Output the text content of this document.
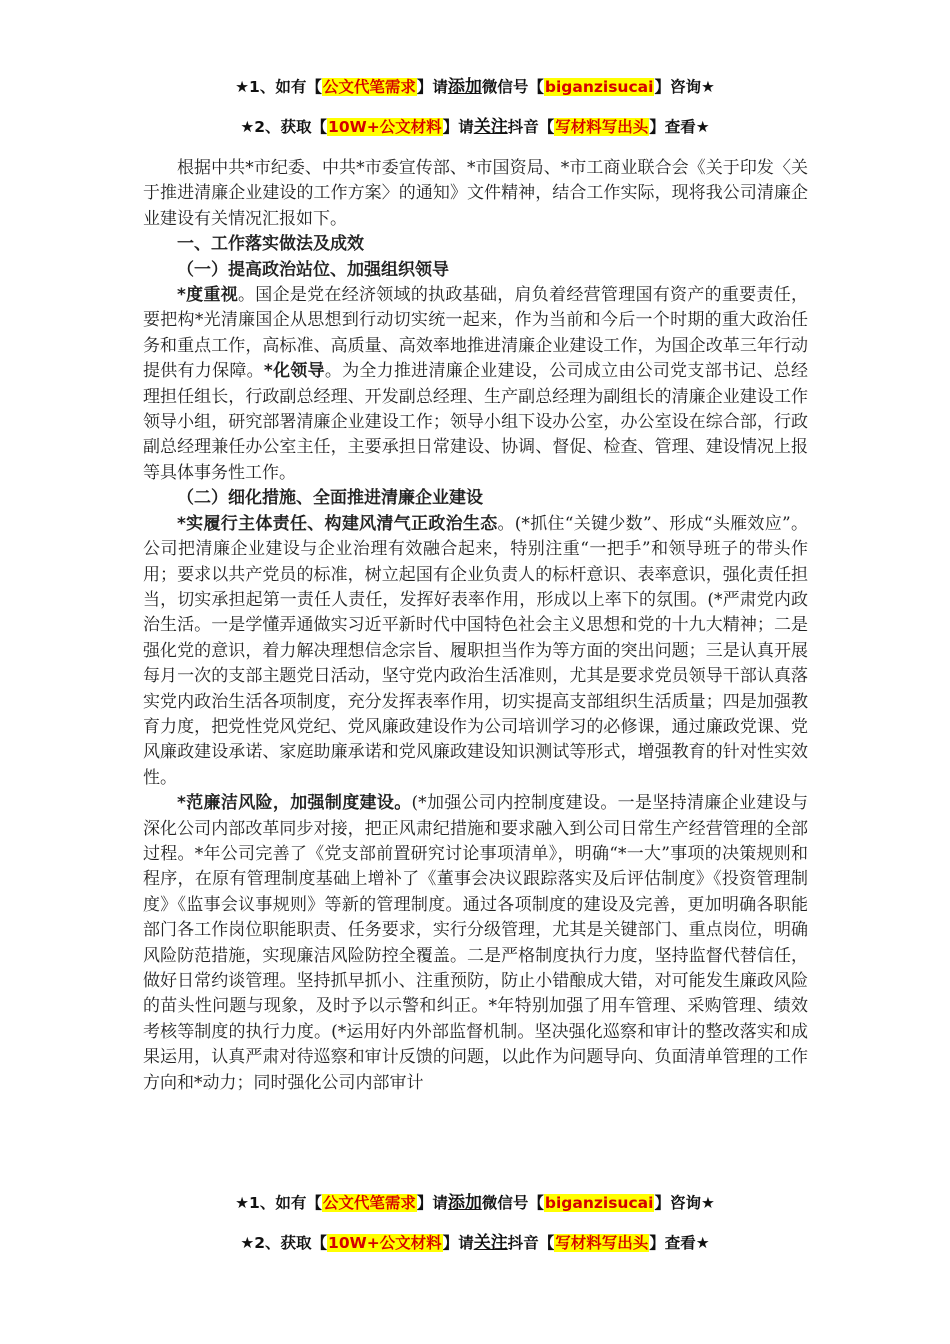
★1、如有【公文代笔需求】请添加微信号【biganzisucai】咨询★
★2、获取【10W+公文材料】请关注抖音【写材料写出头】查看★

根据中共*市纪委、中共*市委宣传部、*市国资局、*市工商业联合会《关于印发〈关于推进清廉企业建设的工作方案〉的通知》文件精神，结合工作实际，现将我公司清廉企业建设有关情况汇报如下。

一、工作落实做法及成效
（一）提高政治站位、加强组织领导

*度重视。国企是党在经济领域的执政基础，肩负着经营管理国有资产的重要责任，要把构*光清廉国企从思想到行动切实统一起来，作为当前和今后一个时期的重大政治任务和重点工作，高标准、高质量、高效率地推进清廉企业建设工作，为国企改革三年行动提供有力保障。*化领导。为全力推进清廉企业建设，公司成立由公司党支部书记、总经理担任组长，行政副总经理、开发副总经理、生产副总经理为副组长的清廉企业建设工作领导小组，研究部署清廉企业建设工作；领导小组下设办公室，办公室设在综合部，行政副总经理兼任办公室主任，主要承担日常建设、协调、督促、检查、管理、建设情况上报等具体事务性工作。

（二）细化措施、全面推进清廉企业建设

*实履行主体责任、构建风清气正政治生态。(*抓住“关键少数”、形成“头雁效应”。公司把清廉企业建设与企业治理有效融合起来，特别注重“一把手”和领导班子的带头作用；要求以共产党员的标准，树立起国有企业负责人的标杆意识、表率意识，强化责任担当，切实承担起第一责任人责任，发挥好表率作用，形成以上率下的氛围。(*严肃党内政治生活。一是学懂弄通做实习近平新时代中国特色社会主义思想和党的十九大精神；二是强化党的意识，着力解决理想信念宗旨、履职担当作为等方面的突出问题；三是认真开展每月一次的支部主题党日活动，坚守党内政治生活准则，尤其是要求党员领导干部认真落实党内政治生活各项制度，充分发挥表率作用，切实提高支部组织生活质量；四是加强教育力度，把党性党风党纪、党风廉政建设作为公司培训学习的必修课，通过廉政党课、党风廉政建设承诺、家庭助廉承诺和党风廉政建设知识测试等形式，增强教育的针对性实效性。

*范廉洁风险，加强制度建设。(*加强公司内控制度建设。一是坚持清廉企业建设与深化公司内部改革同步对接，把正风肃纪措施和要求融入到公司日常生产经营管理的全部过程。*年公司完善了《党支部前置研究讨论事项清单》，明确“*一大”事项的决策规则和程序，在原有管理制度基础上增补了《董事会决议跟踪落实及后评估制度》《投资管理制度》《监事会议事规则》等新的管理制度。通过各项制度的建设及完善，更加明确各职能部门各工作岗位职能职责、任务要求，实行分级管理，尤其是关键部门、重点岗位，明确风险防范措施，实现廉洁风险防控全覆盖。二是严格制度执行力度，坚持监督代替信任，做好日常约谈管理。坚持抓早抓小、注重预防，防止小错酿成大错，对可能发生廉政风险的苗头性问题与现象，及时予以示警和纠正。*年特别加强了用车管理、采购管理、绩效考核等制度的执行力度。(*运用好内外部监督机制。坚决强化巡察和审计的整改落实和成果运用，认真严肃对待巡察和审计反馈的问题，以此作为问题导向、负面清单管理的工作方向和*动力；同时强化公司内部审计

★1、如有【公文代笔需求】请添加微信号【biganzisucai】咨询★
★2、获取【10W+公文材料】请关注抖音【写材料写出头】查看★
